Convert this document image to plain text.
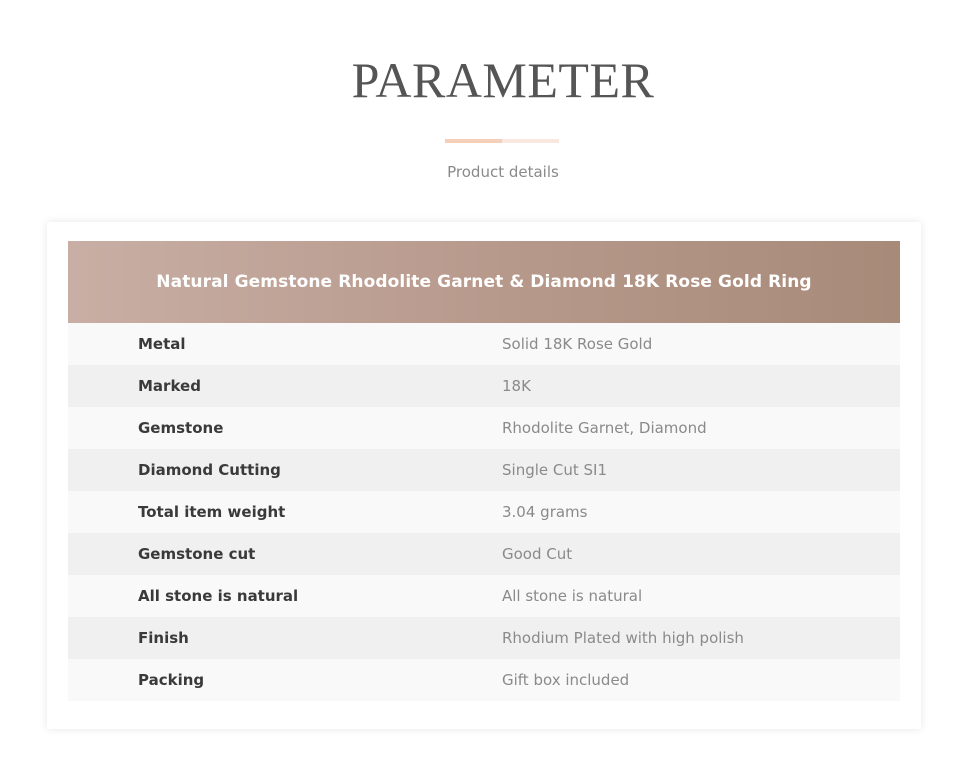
PARAMETER
Product details
Natural Gemstone Rhodolite Garnet & Diamond 18K Rose Gold Ring
Metal	Solid 18K Rose Gold
Marked	18K
Gemstone	Rhodolite Garnet, Diamond
Diamond Cutting	Single Cut SI1
Total item weight	3.04 grams
Gemstone cut	Good Cut
All stone is natural	All stone is natural
Finish	Rhodium Plated with high polish
Packing	Gift box included
